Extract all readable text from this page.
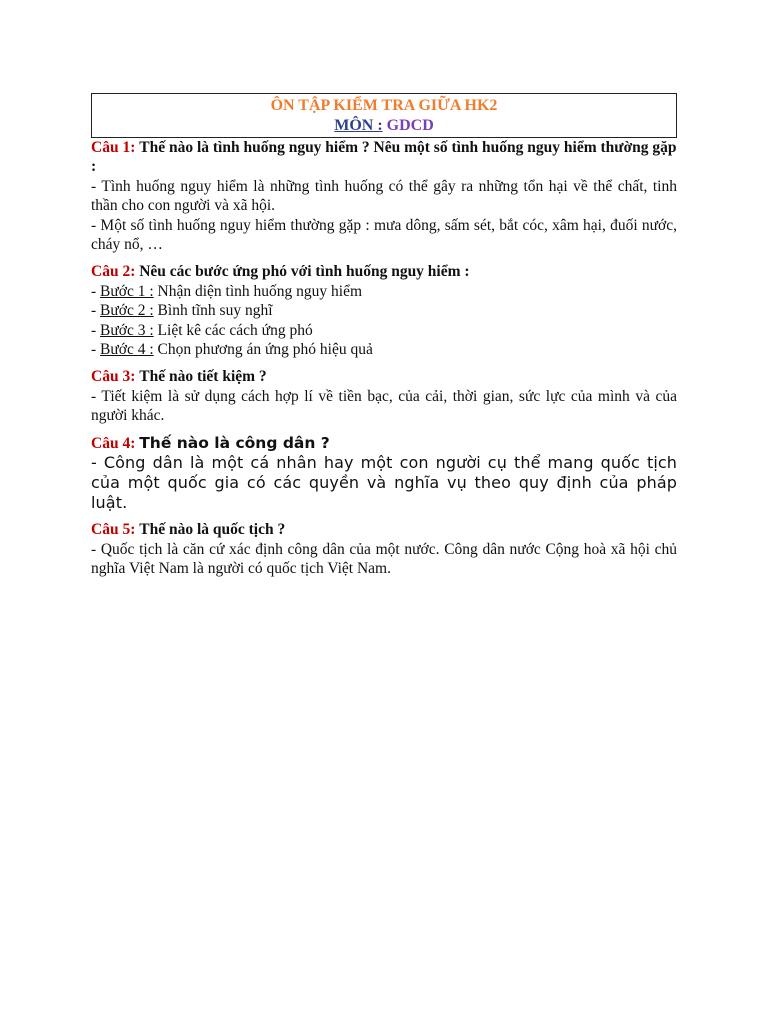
ÔN TẬP KIỂM TRA GIỮA HK2
MÔN : GDCD

Câu 1: Thế nào là tình huống nguy hiểm ? Nêu một số tình huống nguy hiểm thường gặp :

- Tình huống nguy hiểm là những tình huống có thể gây ra những tổn hại về thể chất, tinh thần cho con người và xã hội.

- Một số tình huống nguy hiểm thường gặp : mưa dông, sấm sét, bắt cóc, xâm hại, đuối nước, cháy nổ, …

Câu 2: Nêu các bước ứng phó với tình huống nguy hiểm :

- Bước 1 : Nhận diện tình huống nguy hiểm

- Bước 2 : Bình tĩnh suy nghĩ

- Bước 3 : Liệt kê các cách ứng phó

- Bước 4 : Chọn phương án ứng phó hiệu quả

Câu 3: Thế nào tiết kiệm ?

- Tiết kiệm là sử dụng cách hợp lí về tiền bạc, của cải, thời gian, sức lực của mình và của người khác.

Câu 4: Thế nào là công dân ?

- Công dân là một cá nhân hay một con người cụ thể mang quốc tịch của một quốc gia có các quyền và nghĩa vụ theo quy định của pháp luật.

Câu 5: Thế nào là quốc tịch ?

- Quốc tịch là căn cứ xác định công dân của một nước. Công dân nước Cộng hoà xã hội chủ nghĩa Việt Nam là người có quốc tịch Việt Nam.
